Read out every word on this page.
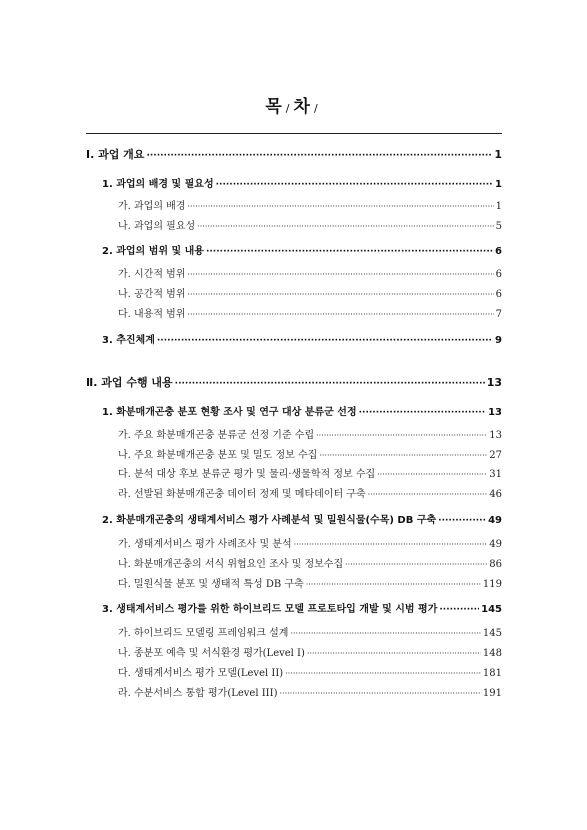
목 / 차 /
Ⅰ. 과업 개요 ·····	1
1. 과업의 배경 및 필요성 ·····	1
가. 과업의 배경 ·····	1
나. 과업의 필요성 ·····	5
2. 과업의 범위 및 내용 ·····	6
가. 시간적 범위 ·····	6
나. 공간적 범위 ·····	6
다. 내용적 범위 ·····	7
3. 추진체계 ·····	9
Ⅱ. 과업 수행 내용 ·····	13
1. 화분매개곤충 분포 현황 조사 및 연구 대상 분류군 선정 ·····	13
가. 주요 화분매개곤충 분류군 선정 기준 수립 ·····	13
나. 주요 화분매개곤충 분포 및 밀도 정보 수집 ·····	27
다. 분석 대상 후보 분류군 평가 및 물리·생물학적 정보 수집 ·····	31
라. 선발된 화분매개곤충 데이터 정제 및 메타데이터 구축 ·····	46
2. 화분매개곤충의 생태계서비스 평가 사례분석 및 밀원식물(수목) DB 구축 ·····	49
가. 생태계서비스 평가 사례조사 및 분석 ·····	49
나. 화분매개곤충의 서식 위협요인 조사 및 정보수집 ·····	86
다. 밀원식물 분포 및 생태적 특성 DB 구축 ·····	119
3. 생태계서비스 평가를 위한 하이브리드 모델 프로토타입 개발 및 시범 평가 ·····	145
가. 하이브리드 모델링 프레임워크 설계 ·····	145
나. 종분포 예측 및 서식환경 평가(Level I) ·····	148
다. 생태계서비스 평가 모델(Level II) ·····	181
라. 수분서비스 통합 평가(Level III) ·····	191
